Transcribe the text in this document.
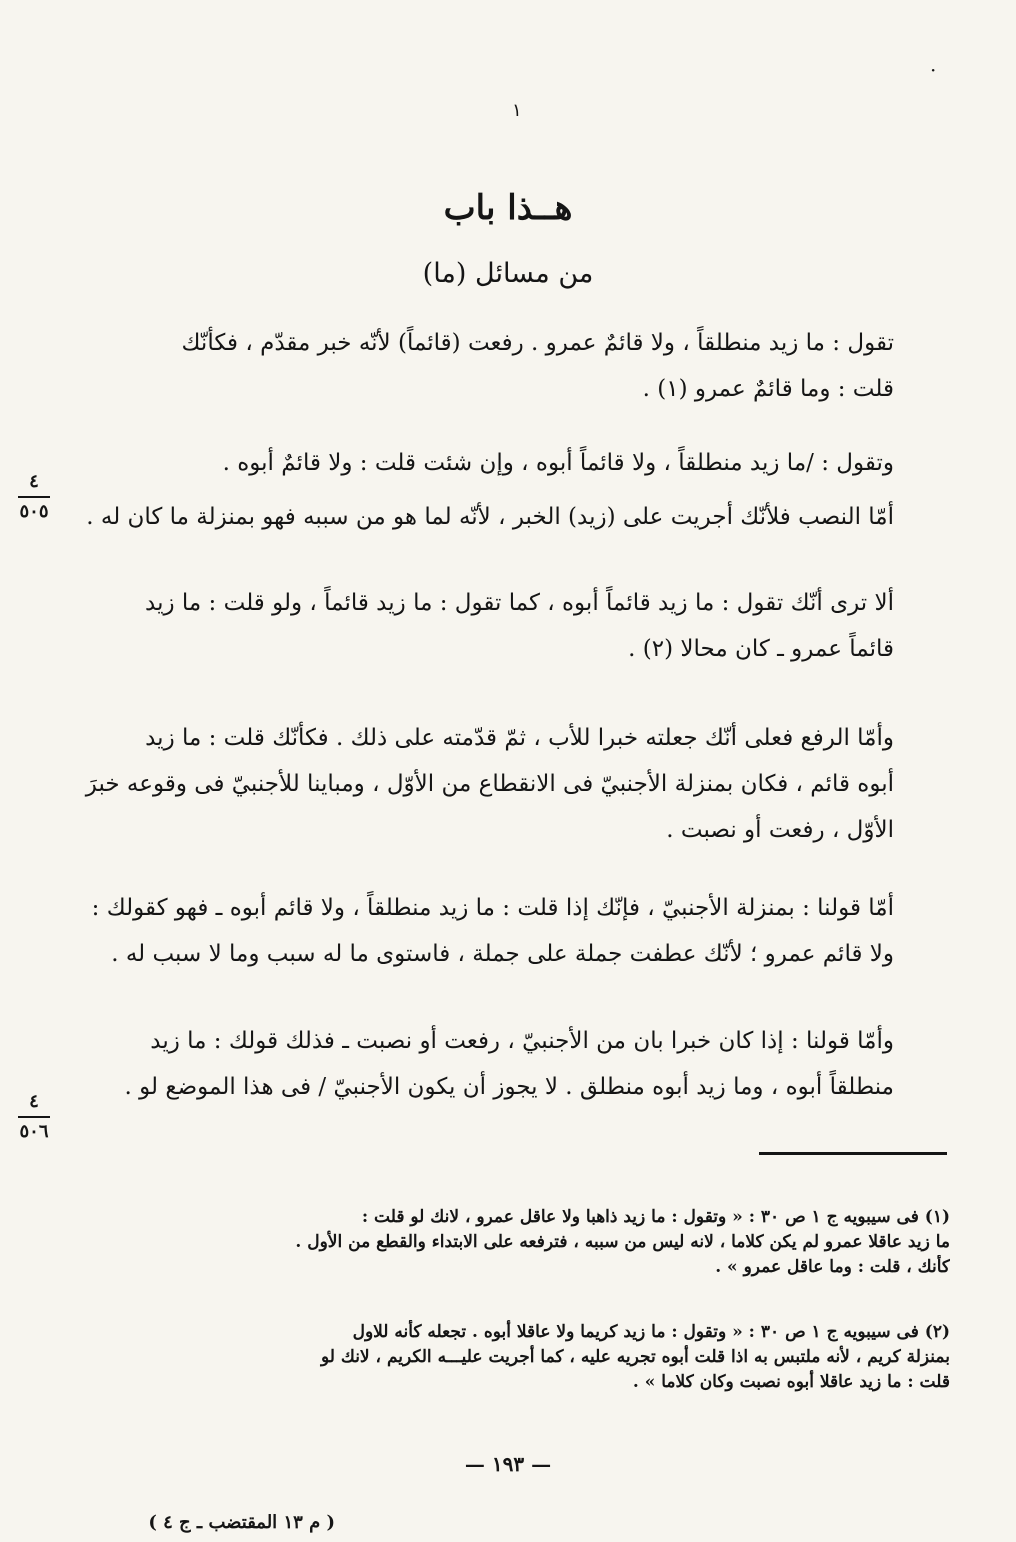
·
١
هــذا باب
من مسائل (ما)
تقول : ما زيد منطلقاً ، ولا قائمٌ عمرو . رفعت (قائماً) لأنّه خبر مقدّم ، فكأنّك
قلت : وما قائمٌ عمرو (١) .
وتقول : /ما زيد منطلقاً ، ولا قائماً أبوه ، وإن شئت قلت : ولا قائمٌ أبوه .
أمّا النصب فلأنّك أجريت على (زيد) الخبر ، لأنّه لما هو من سببه فهو بمنزلة ما كان له .
ألا ترى أنّك تقول : ما زيد قائماً أبوه ، كما تقول : ما زيد قائماً ، ولو قلت : ما زيد
قائماً عمرو ـ كان محالا (٢) .
وأمّا الرفع فعلى أنّك جعلته خبرا للأب ، ثمّ قدّمته على ذلك . فكأنّك قلت : ما زيد
أبوه قائم ، فكان بمنزلة الأجنبيّ فى الانقطاع من الأوّل ، ومباينا للأجنبيّ فى وقوعه خبرَ
الأوّل ، رفعت أو نصبت .
أمّا قولنا : بمنزلة الأجنبيّ ، فإنّك إذا قلت : ما زيد منطلقاً ، ولا قائم أبوه ـ فهو كقولك :
ولا قائم عمرو ؛ لأنّك عطفت جملة على جملة ، فاستوى ما له سبب وما لا سبب له .
وأمّا قولنا : إذا كان خبرا بان من الأجنبيّ ، رفعت أو نصبت ـ فذلك قولك : ما زيد
منطلقاً أبوه ، وما زيد أبوه منطلق . لا يجوز أن يكون الأجنبيّ / فى هذا الموضع لو .
٤
٥٠٥
٤
٥٠٦
(١) فى سيبويه ج ١ ص ٣٠ : « وتقول : ما زيد ذاهبا ولا عاقل عمرو ، لانك لو قلت :
ما زيد عاقلا عمرو لم يكن كلاما ، لانه ليس من سببه ، فترفعه على الابتداء والقطع من الأول .
كأنك ، قلت : وما عاقل عمرو » .
(٢) فى سيبويه ج ١ ص ٣٠ : « وتقول : ما زيد كريما ولا عاقلا أبوه . تجعله كأنه للاول
بمنزلة كريم ، لأنه ملتبس به اذا قلت أبوه تجريه عليه ، كما أجريت عليـــه الكريم ، لانك لو
قلت : ما زيد عاقلا أبوه نصبت وكان كلاما » .
— ١٩٣ —
( م ١٣ المقتضب ـ ج ٤ )
